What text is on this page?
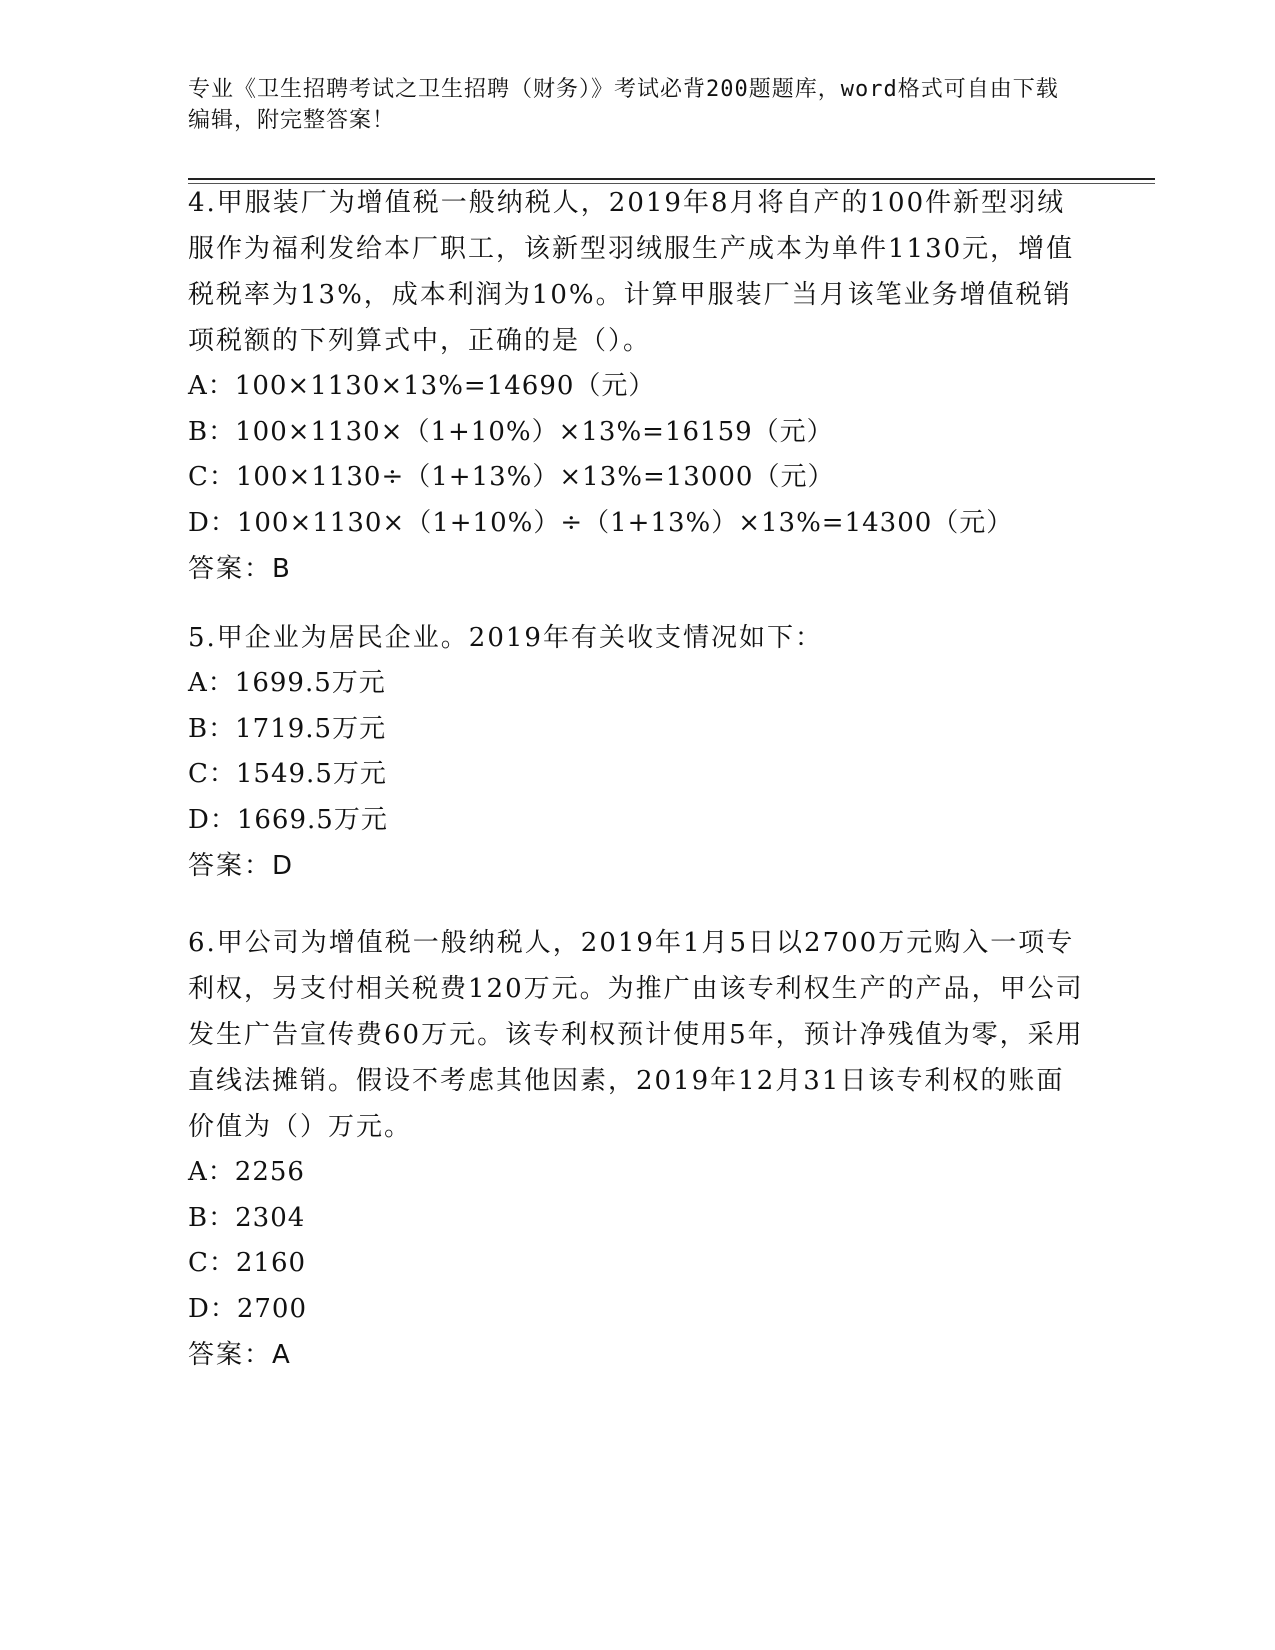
专业《卫生招聘考试之卫生招聘（财务）》考试必背200题题库，word格式可自由下载编辑，附完整答案！
4.甲服装厂为增值税一般纳税人，2019年8月将自产的100件新型羽绒服作为福利发给本厂职工，该新型羽绒服生产成本为单件1130元，增值税税率为13%，成本利润为10%。计算甲服装厂当月该笔业务增值税销项税额的下列算式中，正确的是（）。
A：100×1130×13%=14690（元）
B：100×1130×（1+10%）×13%=16159（元）
C：100×1130÷（1+13%）×13%=13000（元）
D：100×1130×（1+10%）÷（1+13%）×13%=14300（元）
答案：B
5.甲企业为居民企业。2019年有关收支情况如下：
A：1699.5万元
B：1719.5万元
C：1549.5万元
D：1669.5万元
答案：D
6.甲公司为增值税一般纳税人，2019年1月5日以2700万元购入一项专利权，另支付相关税费120万元。为推广由该专利权生产的产品，甲公司发生广告宣传费60万元。该专利权预计使用5年，预计净残值为零，采用直线法摊销。假设不考虑其他因素，2019年12月31日该专利权的账面价值为（）万元。
A：2256
B：2304
C：2160
D：2700
答案：A
